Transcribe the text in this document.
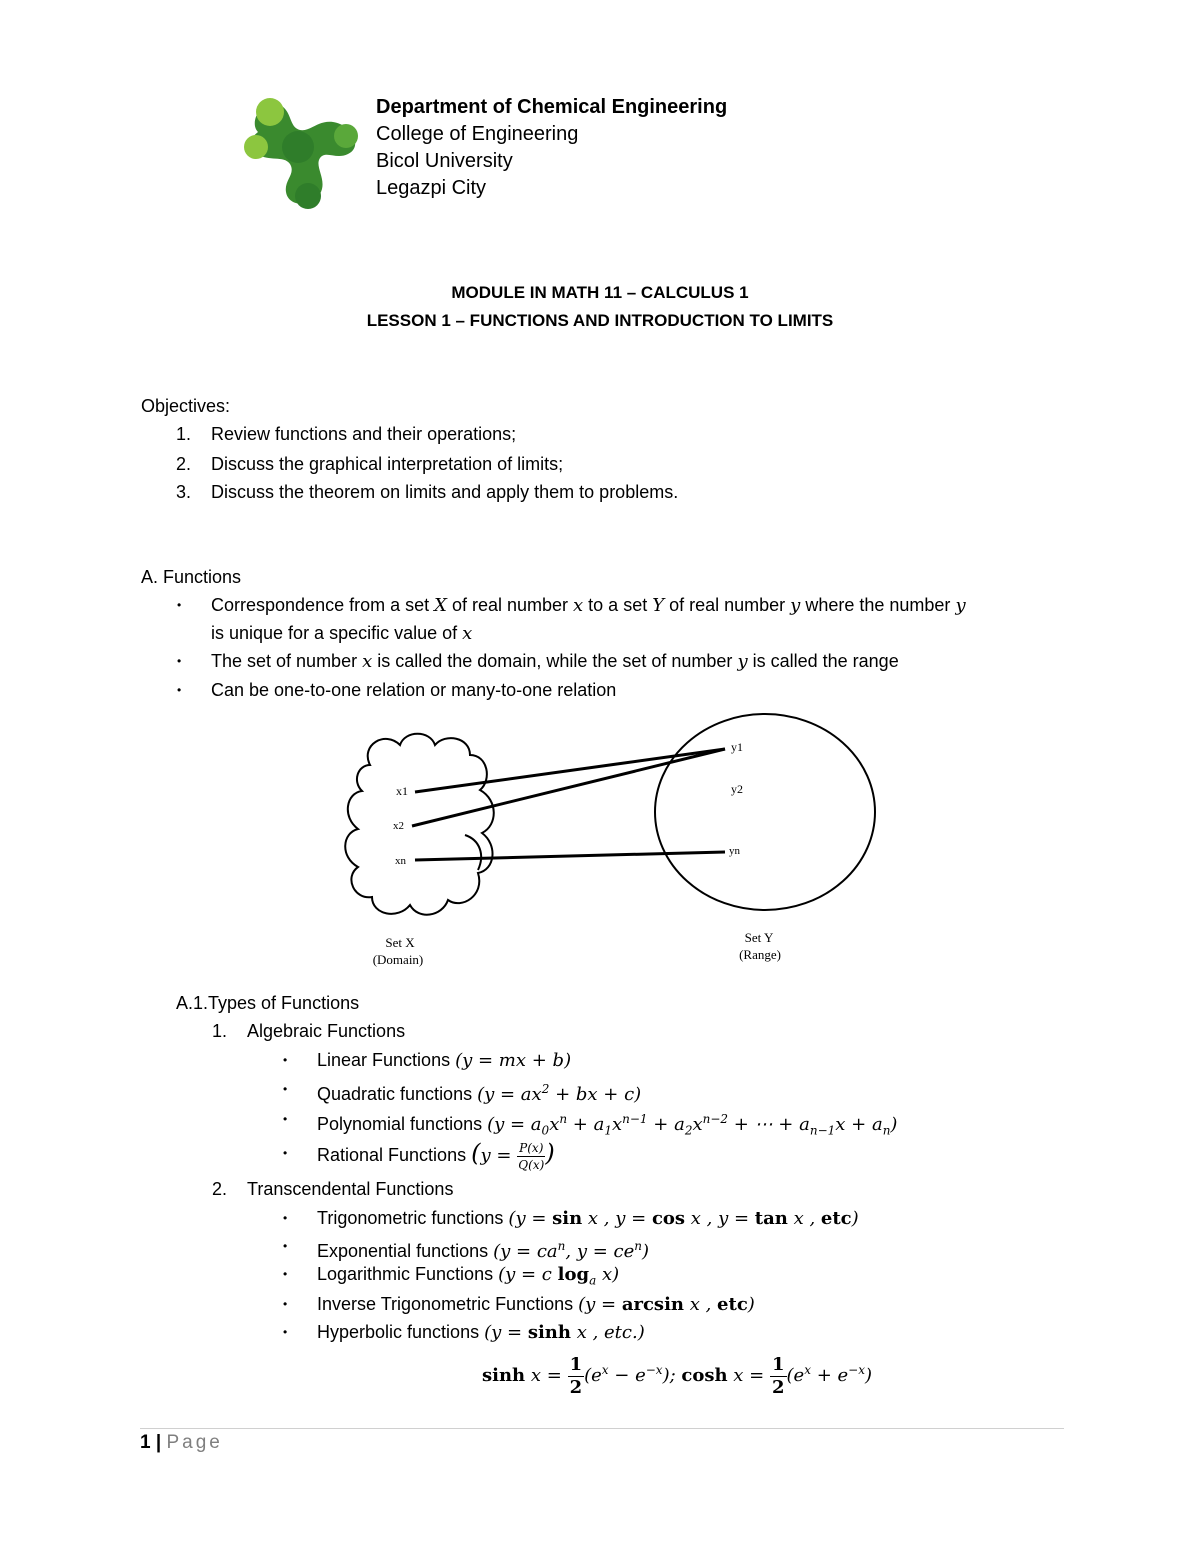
Department of Chemical Engineering
College of Engineering
Bicol University
Legazpi City
MODULE IN MATH 11 – CALCULUS 1
LESSON 1 – FUNCTIONS AND INTRODUCTION TO LIMITS
Objectives:
1. Review functions and their operations;
2. Discuss the graphical interpretation of limits;
3. Discuss the theorem on limits and apply them to problems.
A. Functions
• Correspondence from a set X of real number x to a set Y of real number y where the number y
is unique for a specific value of x
• The set of number x is called the domain, while the set of number y is called the range
• Can be one-to-one relation or many-to-one relation
x1
x2
xn
y1
y2
yn
Set X
(Domain)
Set Y
(Range)
A.1.Types of Functions
1. Algebraic Functions
• Linear Functions (y = mx + b)
• Quadratic functions ($y = ax^2$ + bx + c)
• Polynomial functions ($y = a_0x^n + a_1x^{n-1} + a_2x^{n-2}$ + ⋯ + $a_{n-1}x + a_n$)
• Rational Functions ($y = \frac{P(x)}{Q(x)}$ )
2. Transcendental Functions
• Trigonometric functions (y = sin x , y = cos x , y = tan x , etc)
• Exponential functions ($y = ca^n$, $y = ce^n$)
• Logarithmic Functions (y = c $\log_a x$)
• Inverse Trigonometric Functions (y = arcsin x , etc)
• Hyperbolic functions (y = sinh x , etc.)
$\sinh x = \frac{1}{2} (e^x - e^{-x})$; $\cosh x = \frac{1}{2} (e^x + e^{-x})$
1 | Page
